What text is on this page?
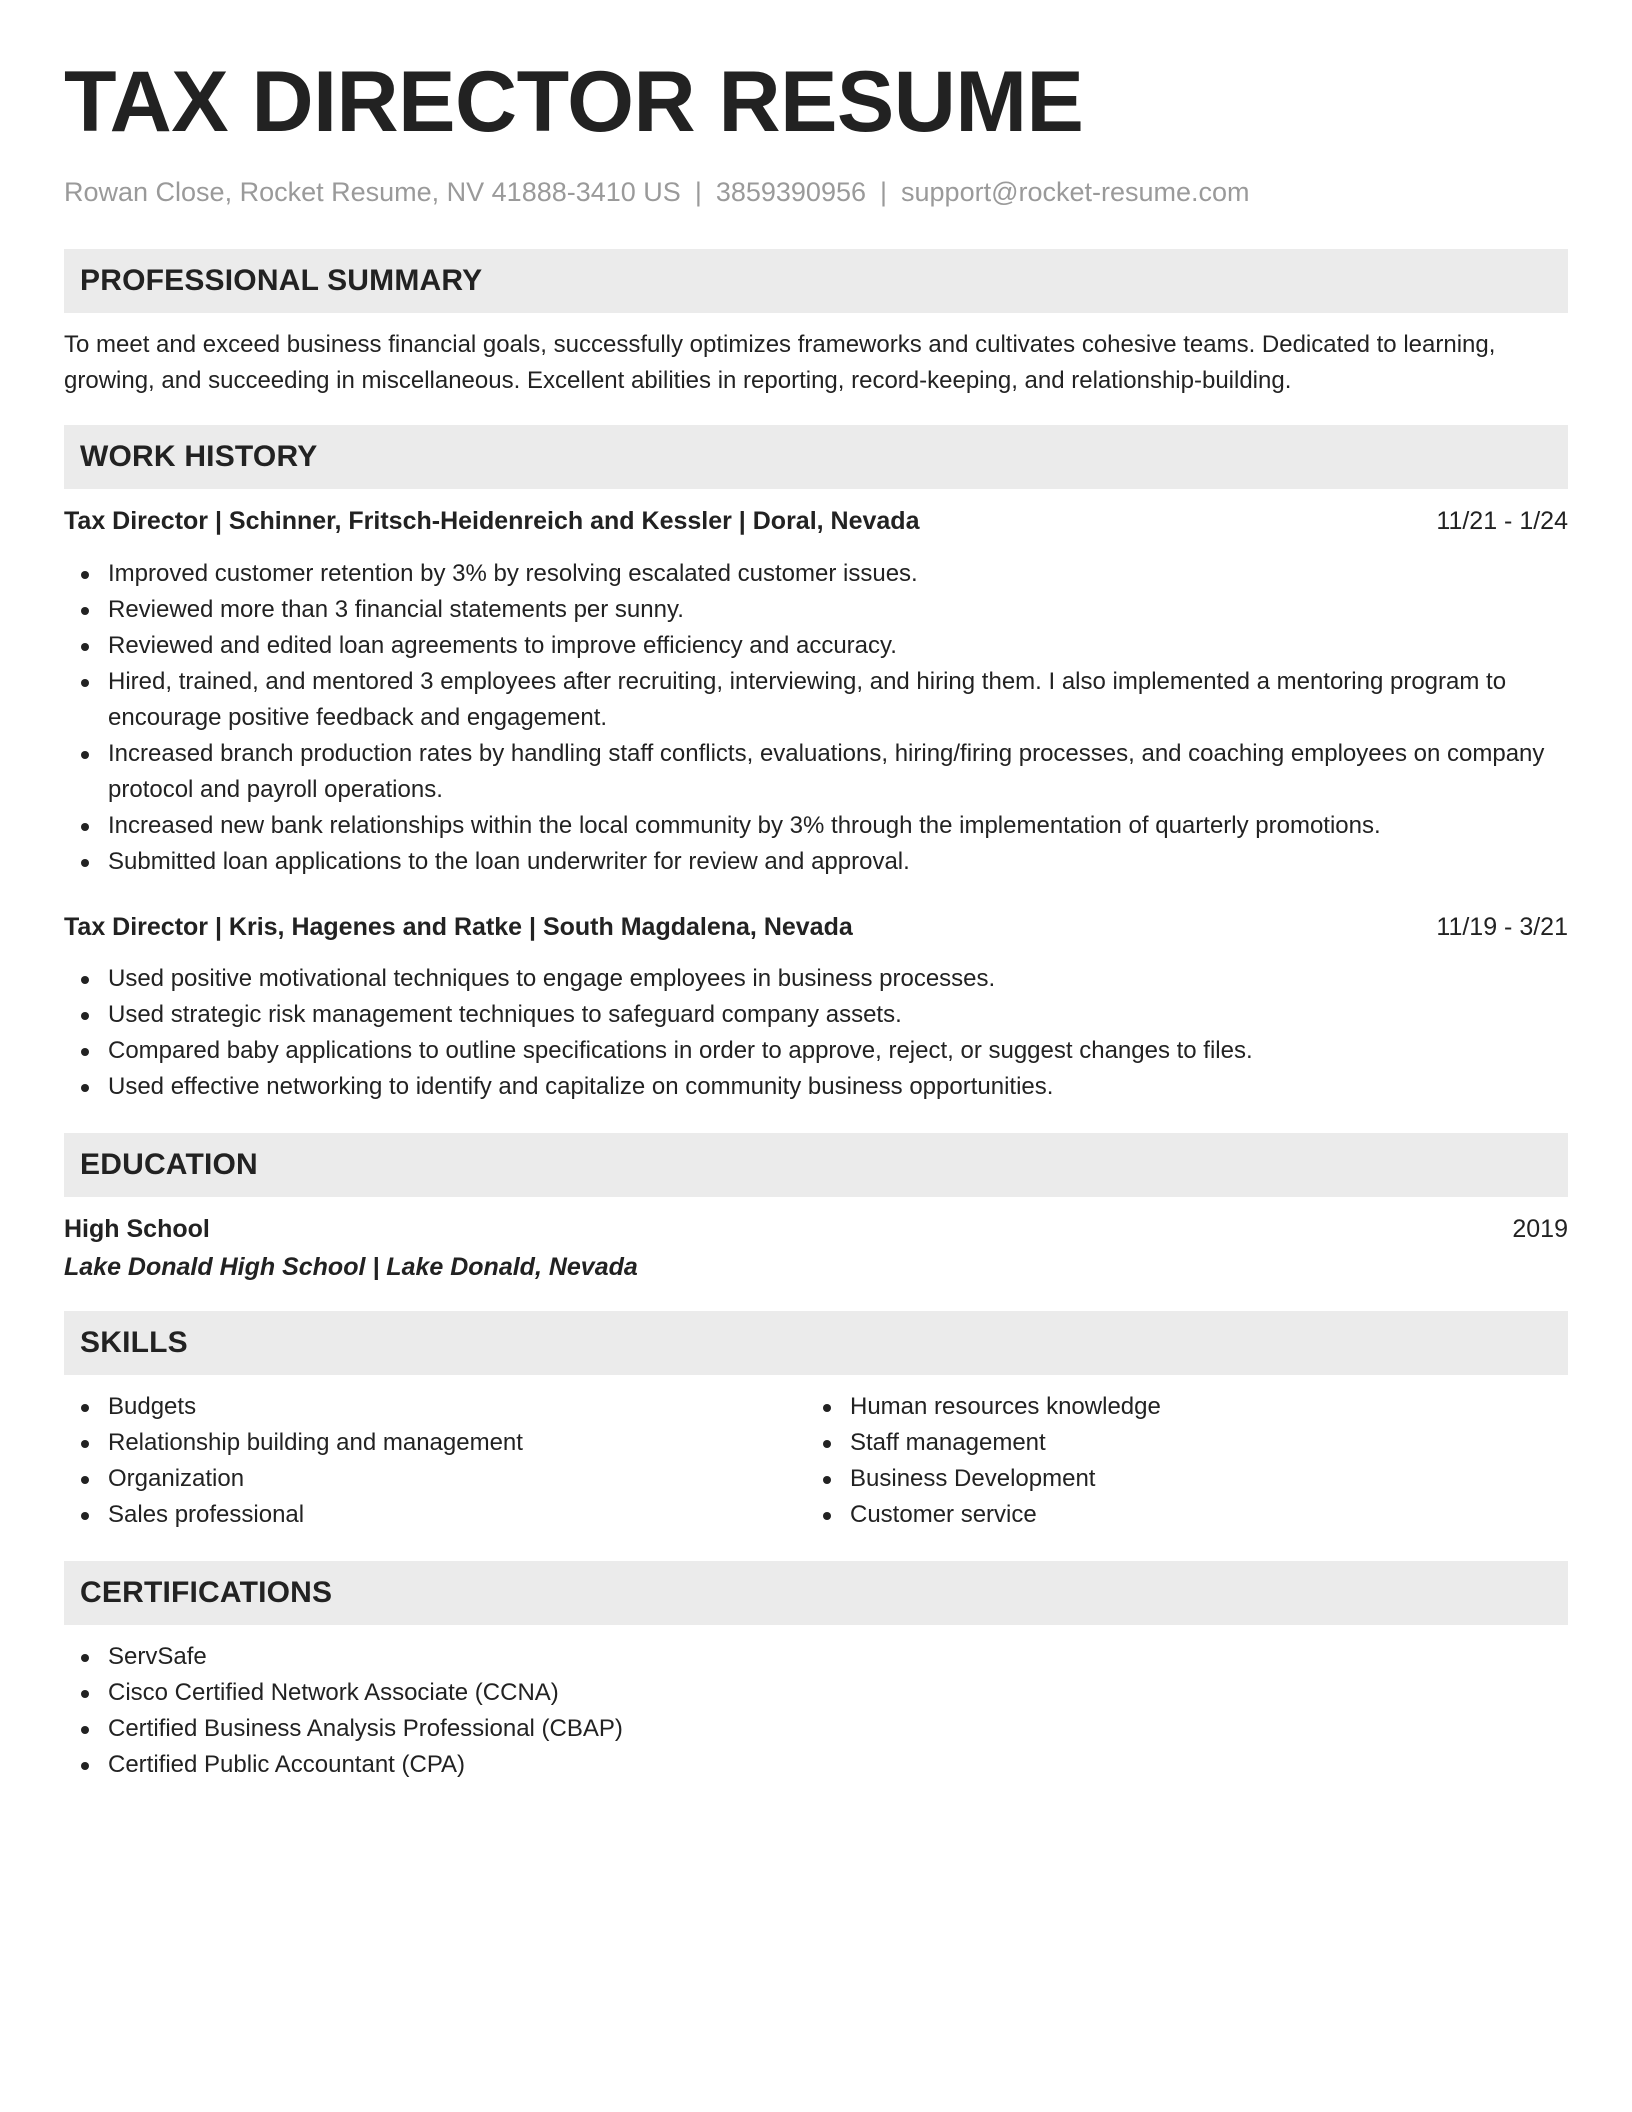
TAX DIRECTOR RESUME
Rowan Close, Rocket Resume, NV 41888-3410 US | 3859390956 | support@rocket-resume.com
PROFESSIONAL SUMMARY
To meet and exceed business financial goals, successfully optimizes frameworks and cultivates cohesive teams. Dedicated to learning, growing, and succeeding in miscellaneous. Excellent abilities in reporting, record-keeping, and relationship-building.
WORK HISTORY
Tax Director | Schinner, Fritsch-Heidenreich and Kessler | Doral, Nevada	11/21 - 1/24
Improved customer retention by 3% by resolving escalated customer issues.
Reviewed more than 3 financial statements per sunny.
Reviewed and edited loan agreements to improve efficiency and accuracy.
Hired, trained, and mentored 3 employees after recruiting, interviewing, and hiring them. I also implemented a mentoring program to encourage positive feedback and engagement.
Increased branch production rates by handling staff conflicts, evaluations, hiring/firing processes, and coaching employees on company protocol and payroll operations.
Increased new bank relationships within the local community by 3% through the implementation of quarterly promotions.
Submitted loan applications to the loan underwriter for review and approval.
Tax Director | Kris, Hagenes and Ratke | South Magdalena, Nevada	11/19 - 3/21
Used positive motivational techniques to engage employees in business processes.
Used strategic risk management techniques to safeguard company assets.
Compared baby applications to outline specifications in order to approve, reject, or suggest changes to files.
Used effective networking to identify and capitalize on community business opportunities.
EDUCATION
High School	2019
Lake Donald High School | Lake Donald, Nevada
SKILLS
Budgets
Relationship building and management
Organization
Sales professional
Human resources knowledge
Staff management
Business Development
Customer service
CERTIFICATIONS
ServSafe
Cisco Certified Network Associate (CCNA)
Certified Business Analysis Professional (CBAP)
Certified Public Accountant (CPA)
